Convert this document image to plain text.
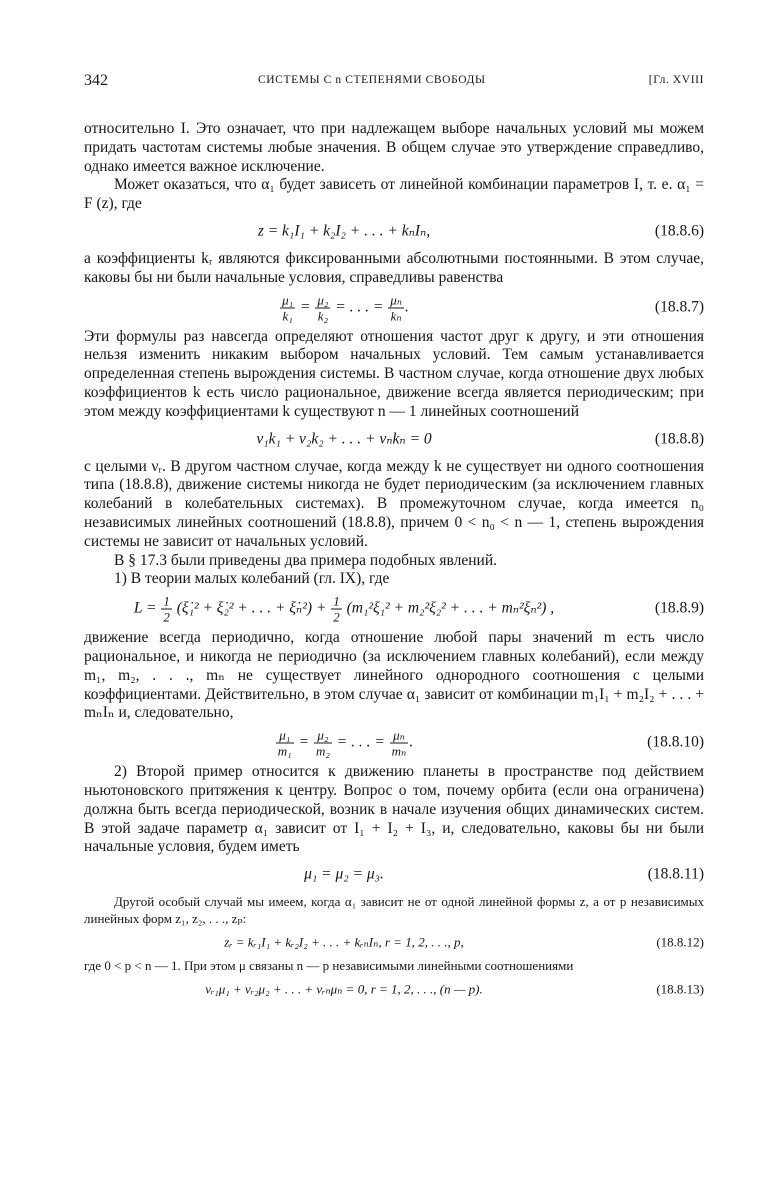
342	СИСТЕМЫ С n СТЕПЕНЯМИ СВОБОДЫ	[Гл. XVIII

относительно I. Это означает, что при надлежащем выборе начальных условий мы можем придать частотам системы любые значения. В общем случае это утверждение справедливо, однако имеется важное исключение.

Может оказаться, что α₁ будет зависеть от линейной комбинации параметров I, т. е. α₁ = F (z), где

z = k₁I₁ + k₂I₂ + . . . + kₙIₙ,	(18.8.6)

а коэффициенты kᵣ являются фиксированными абсолютными постоянными. В этом случае, каковы бы ни были начальные условия, справедливы равенства

$\frac{\text{μ₁}}{\text{k₁}} = \frac{\text{μ₂}}{\text{k₂}}$ = . . . = $\frac{\text{μₙ}}{\text{kₙ}}$ .	(18.8.7)

Эти формулы раз навсегда определяют отношения частот друг к другу, и эти отношения нельзя изменить никаким выбором начальных условий. Тем самым устанавливается определенная степень вырождения системы. В частном случае, когда отношение двух любых коэффициентов k есть число рациональное, движение всегда является периодическим; при этом между коэффициентами k существуют n — 1 линейных соотношений

ν₁k₁ + ν₂k₂ + . . . + νₙkₙ = 0	(18.8.8)

с целыми νᵣ. В другом частном случае, когда между k не существует ни одного соотношения типа (18.8.8), движение системы никогда не будет периодическим (за исключением главных колебаний в колебательных системах). В промежуточном случае, когда имеется n₀ независимых линейных соотношений (18.8.8), причем 0 < n₀ < n — 1, степень вырождения системы не зависит от начальных условий.

В § 17.3 были приведены два примера подобных явлений.

1) В теории малых колебаний (гл. IX), где

$L = \frac{1}{2}$ (ξ̇₁² + ξ̇₂² + . . . + ξ̇ₙ²) + $\frac{1}{2} (m_1^2\xi_1^2 + m_2^2\xi_2^2$ + . . . + mₙ²ξₙ²) ,	(18.8.9)

движение всегда периодично, когда отношение любой пары значений m есть число рациональное, и никогда не периодично (за исключением главных колебаний), если между m₁, m₂, . . ., mₙ не существует линейного однородного соотношения с целыми коэффициентами. Действительно, в этом случае α₁ зависит от комбинации m₁I₁ + m₂I₂ + . . . + mₙIₙ и, следовательно,

$\frac{\text{μ₁}}{\text{m₁}} = \frac{\text{μ₂}}{\text{m₂}}$ = . . . = $\frac{\text{μₙ}}{\text{mₙ}}$ .	(18.8.10)

2) Второй пример относится к движению планеты в пространстве под действием ньютоновского притяжения к центру. Вопрос о том, почему орбита (если она ограничена) должна быть всегда периодической, возник в начале изучения общих динамических систем. В этой задаче параметр α₁ зависит от I₁ + I₂ + I₃, и, следовательно, каковы бы ни были начальные условия, будем иметь

μ₁ = μ₂ = μ₃.	(18.8.11)

Другой особый случай мы имеем, когда α₁ зависит не от одной линейной формы z, а от p независимых линейных форм z₁, z₂, . . ., zₚ:

zᵣ = kᵣ₁I₁ + kᵣ₂I₂ + . . . + kᵣₙIₙ, r = 1, 2, . . ., p,	(18.8.12)

где 0 < p < n — 1. При этом μ связаны n — p независимыми линейными соотношениями

νᵣ₁μ₁ + νᵣ₂μ₂ + . . . + νᵣₙμₙ = 0, r = 1, 2, . . ., (n — p).	(18.8.13)
